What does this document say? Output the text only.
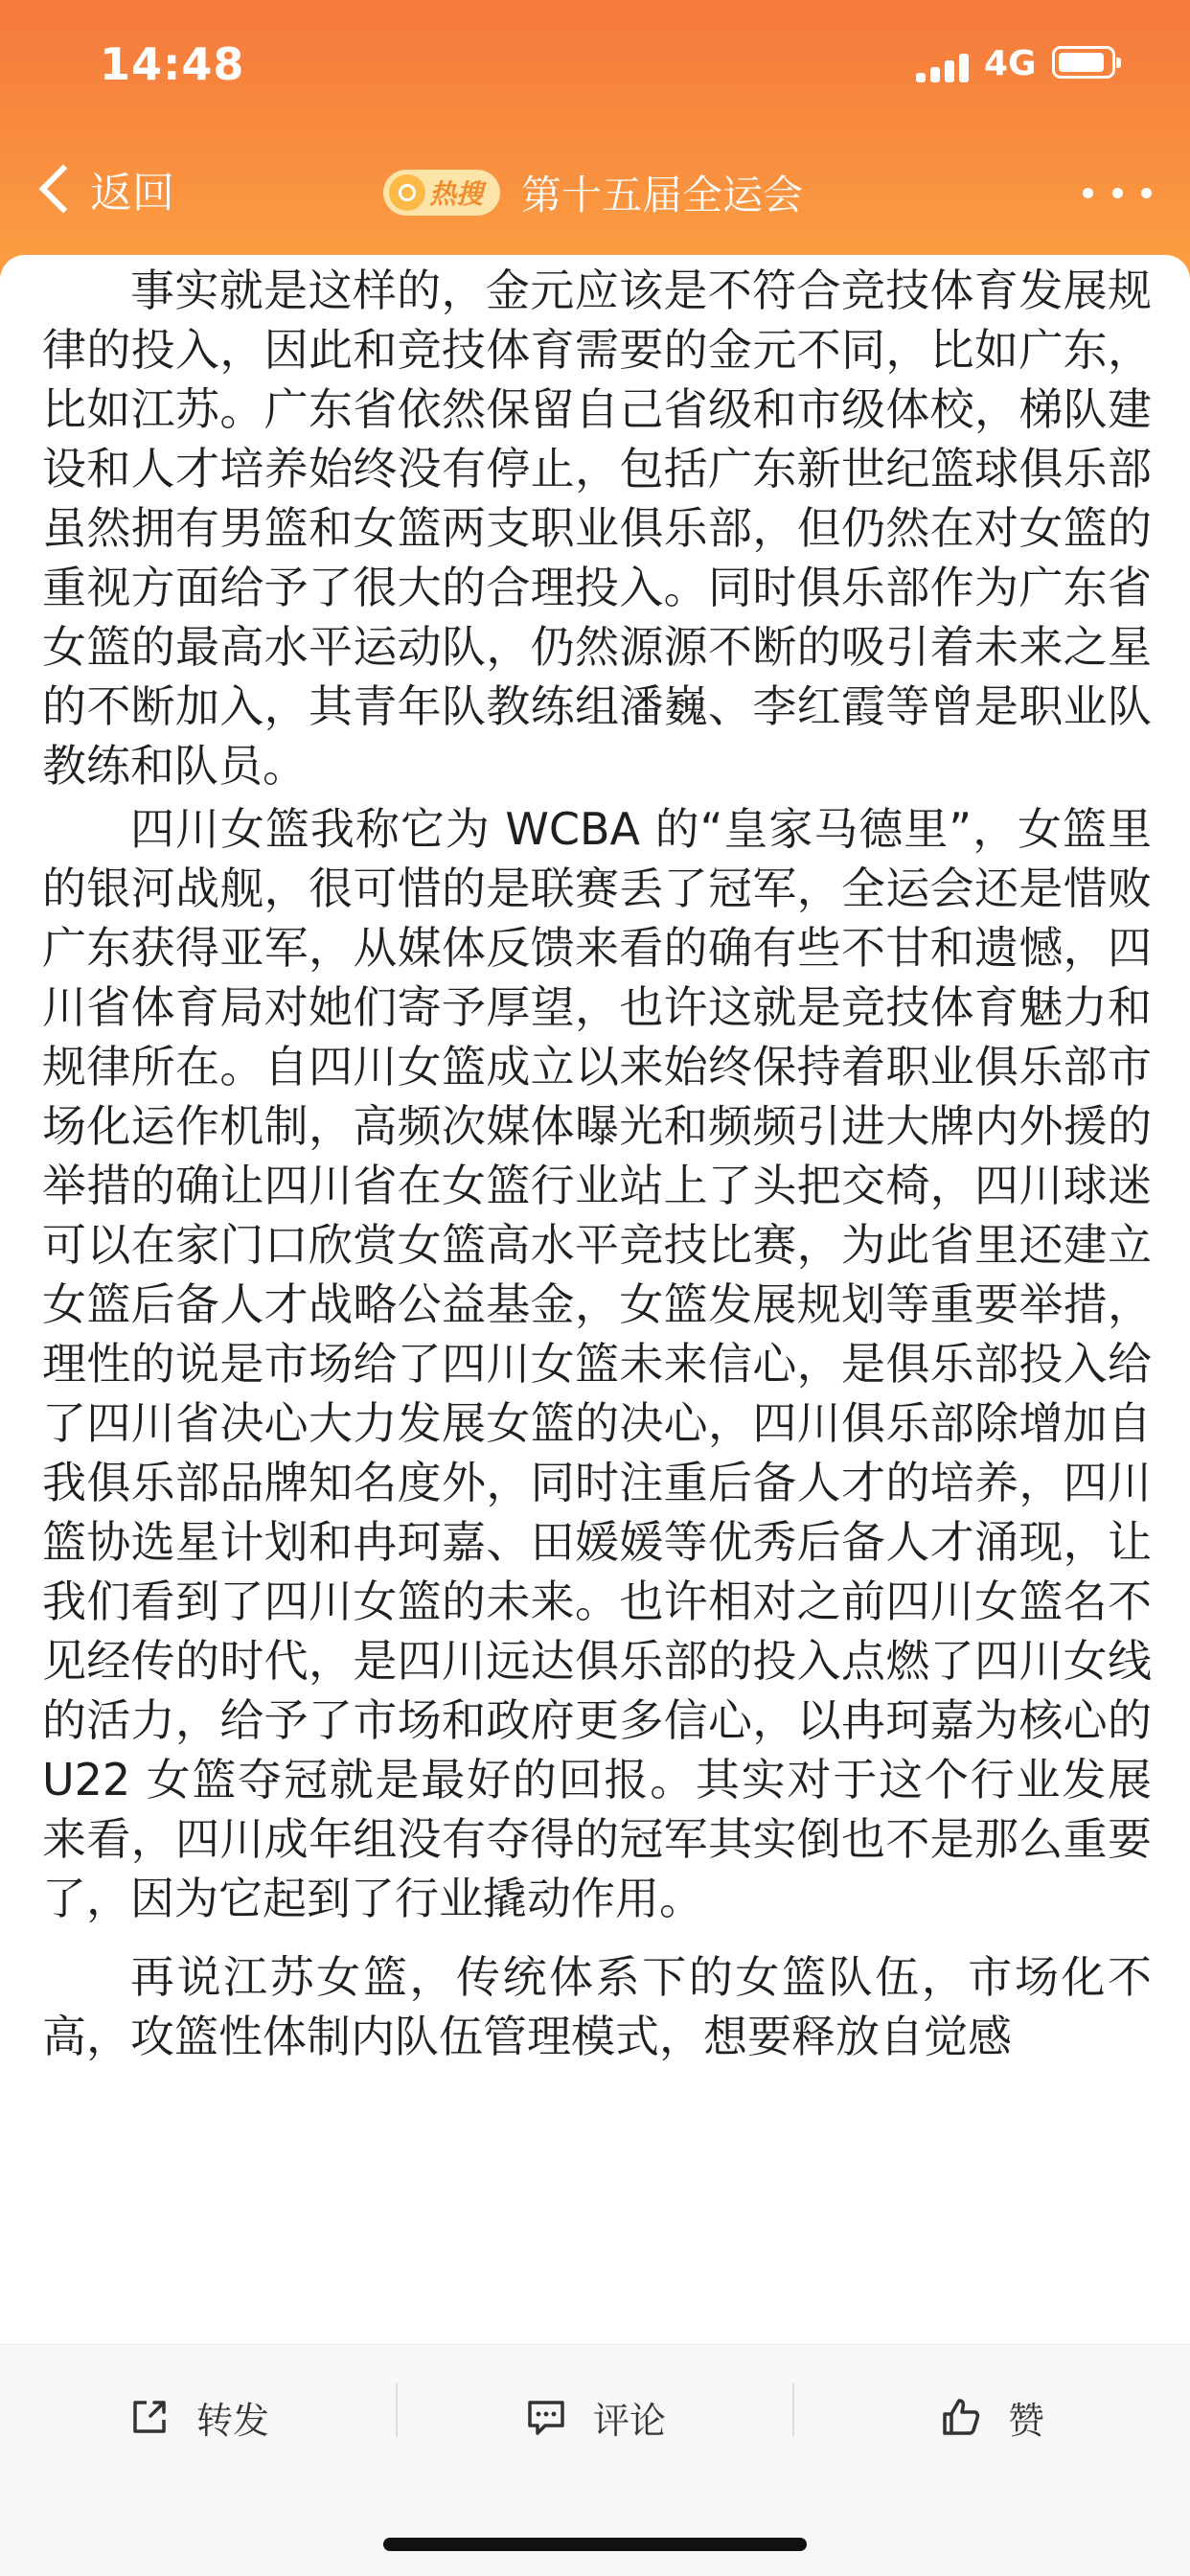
14:48	4G
返回	热搜 第十五届全运会

事实就是这样的，金元应该是不符合竞技体育发展规律的投入，因此和竞技体育需要的金元不同，比如广东，比如江苏。广东省依然保留自己省级和市级体校，梯队建设和人才培养始终没有停止，包括广东新世纪篮球俱乐部虽然拥有男篮和女篮两支职业俱乐部，但仍然在对女篮的重视方面给予了很大的合理投入。同时俱乐部作为广东省女篮的最高水平运动队，仍然源源不断的吸引着未来之星的不断加入，其青年队教练组潘巍、李红霞等曾是职业队教练和队员。

四川女篮我称它为 WCBA 的“皇家马德里”，女篮里的银河战舰，很可惜的是联赛丢了冠军，全运会还是惜败广东获得亚军，从媒体反馈来看的确有些不甘和遗憾，四川省体育局对她们寄予厚望，也许这就是竞技体育魅力和规律所在。自四川女篮成立以来始终保持着职业俱乐部市场化运作机制，高频次媒体曝光和频频引进大牌内外援的举措的确让四川省在女篮行业站上了头把交椅，四川球迷可以在家门口欣赏女篮高水平竞技比赛，为此省里还建立女篮后备人才战略公益基金，女篮发展规划等重要举措，理性的说是市场给了四川女篮未来信心，是俱乐部投入给了四川省决心大力发展女篮的决心，四川俱乐部除增加自我俱乐部品牌知名度外，同时注重后备人才的培养，四川篮协选星计划和冉珂嘉、田媛媛等优秀后备人才涌现，让我们看到了四川女篮的未来。也许相对之前四川女篮名不见经传的时代，是四川远达俱乐部的投入点燃了四川女线的活力，给予了市场和政府更多信心，以冉珂嘉为核心的 U22 女篮夺冠就是最好的回报。其实对于这个行业发展来看，四川成年组没有夺得的冠军其实倒也不是那么重要了，因为它起到了行业撬动作用。

再说江苏女篮，传统体系下的女篮队伍，市场化不高，攻篮性体制内队伍管理模式，想要释放自觉感

转发	评论	赞
